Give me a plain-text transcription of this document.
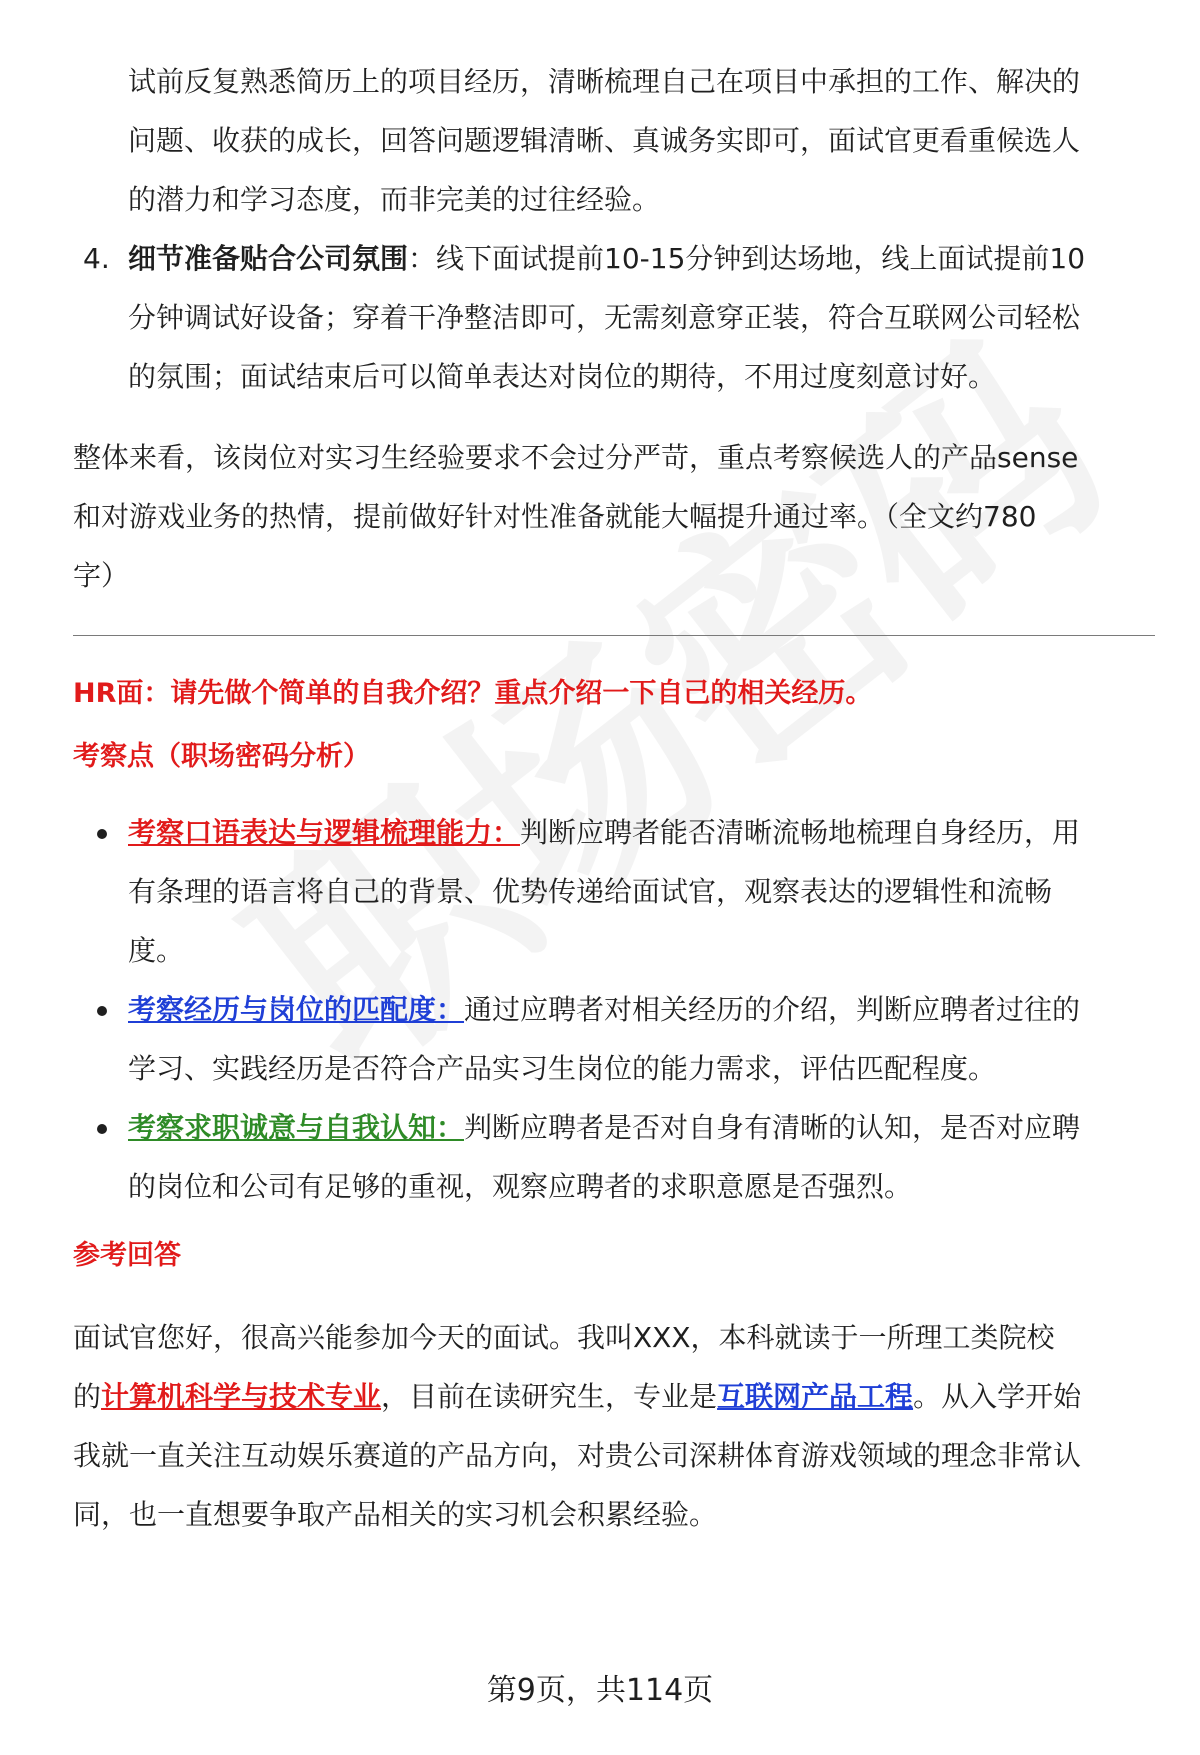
试前反复熟悉简历上的项目经历，清晰梳理自己在项目中承担的工作、解决的
问题、收获的成长，回答问题逻辑清晰、真诚务实即可，面试官更看重候选人
的潜力和学习态度，而非完美的过往经验。
4. 细节准备贴合公司氛围：线下面试提前10-15分钟到达场地，线上面试提前10
分钟调试好设备；穿着干净整洁即可，无需刻意穿正装，符合互联网公司轻松
的氛围；面试结束后可以简单表达对岗位的期待，不用过度刻意讨好。
整体来看，该岗位对实习生经验要求不会过分严苛，重点考察候选人的产品sense
和对游戏业务的热情，提前做好针对性准备就能大幅提升通过率。（全文约780
字）
HR面：请先做个简单的自我介绍？重点介绍一下自己的相关经历。
考察点（职场密码分析）
考察口语表达与逻辑梳理能力：判断应聘者能否清晰流畅地梳理自身经历，用
有条理的语言将自己的背景、优势传递给面试官，观察表达的逻辑性和流畅
度。
考察经历与岗位的匹配度：通过应聘者对相关经历的介绍，判断应聘者过往的
学习、实践经历是否符合产品实习生岗位的能力需求，评估匹配程度。
考察求职诚意与自我认知：判断应聘者是否对自身有清晰的认知，是否对应聘
的岗位和公司有足够的重视，观察应聘者的求职意愿是否强烈。
参考回答
面试官您好，很高兴能参加今天的面试。我叫XXX，本科就读于一所理工类院校
的计算机科学与技术专业，目前在读研究生，专业是互联网产品工程。从入学开始
我就一直关注互动娱乐赛道的产品方向，对贵公司深耕体育游戏领域的理念非常认
同，也一直想要争取产品相关的实习机会积累经验。
第9页，共114页
